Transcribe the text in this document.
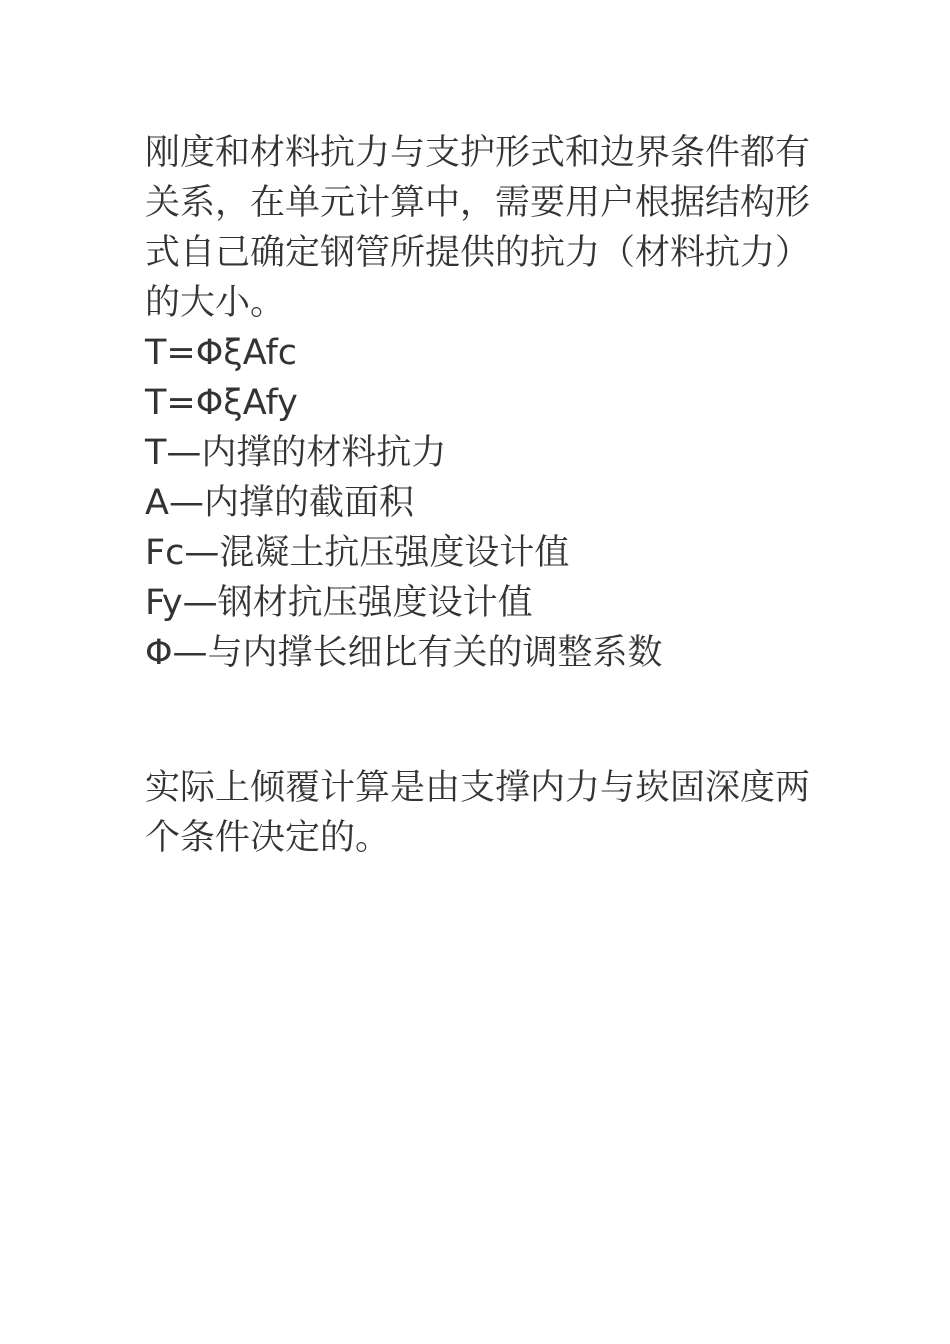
刚度和材料抗力与支护形式和边界条件都有关系，在单元计算中，需要用户根据结构形式自己确定钢管所提供的抗力（材料抗力）的大小。

T=ΦξAfc

T=ΦξAfy

T—内撑的材料抗力

A—内撑的截面积

Fc—混凝土抗压强度设计值

Fy—钢材抗压强度设计值

Φ—与内撑长细比有关的调整系数

实际上倾覆计算是由支撑内力与崁固深度两个条件决定的。
